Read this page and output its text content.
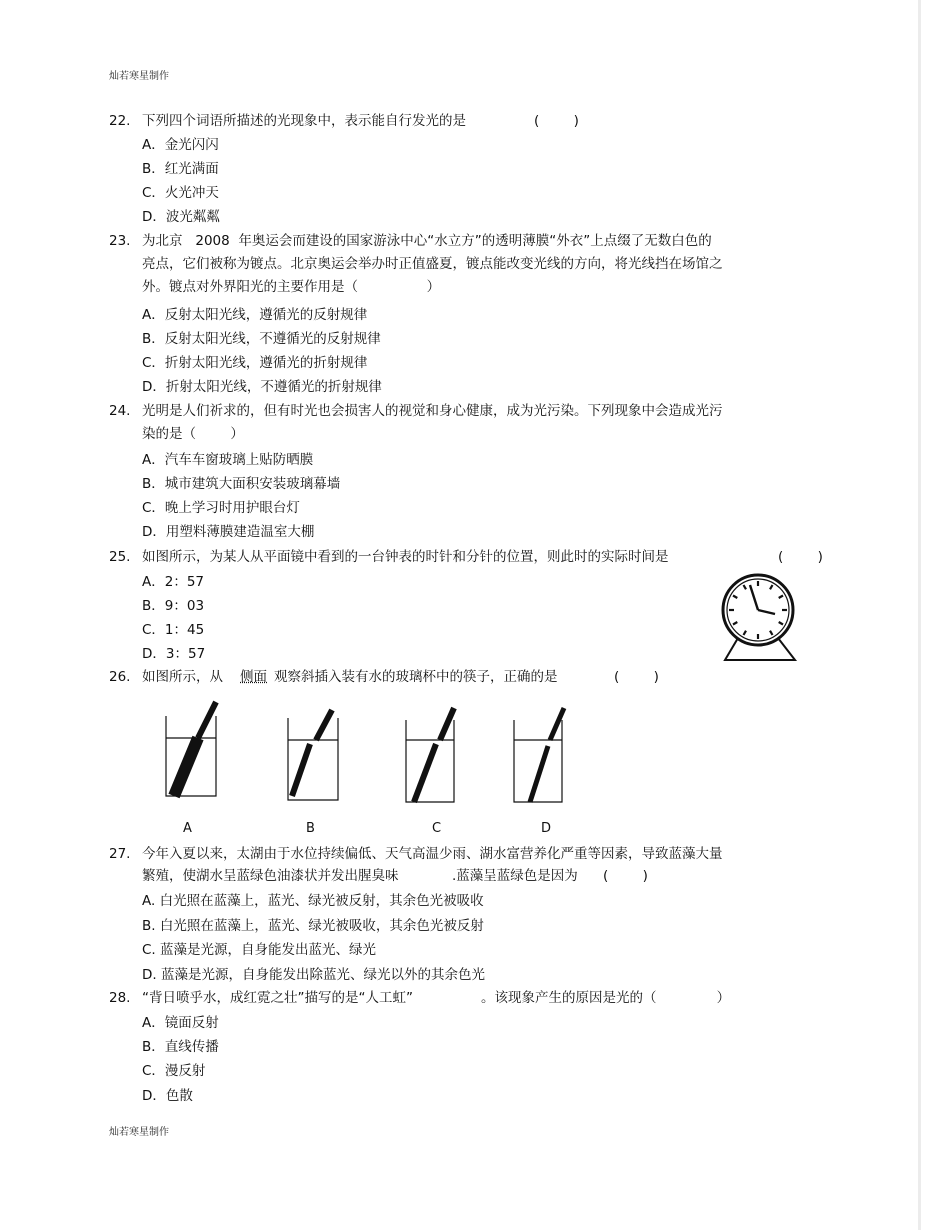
灿若寒星制作
22. 下列四个词语所描述的光现象中，表示能自行发光的是	(        )
A．金光闪闪
B．红光满面
C．火光冲天
D．波光粼粼
23. 为北京   2008  年奥运会而建设的国家游泳中心“水立方”的透明薄膜“外衣”上点缀了无数白色的
亮点，它们被称为镀点。北京奥运会举办时正值盛夏，镀点能改变光线的方向，将光线挡在场馆之
外。镀点对外界阳光的主要作用是（                ）
A．反射太阳光线，遵循光的反射规律
B．反射太阳光线，不遵循光的反射规律
C．折射太阳光线，遵循光的折射规律
D．折射太阳光线，不遵循光的折射规律
24. 光明是人们祈求的，但有时光也会损害人的视觉和身心健康，成为光污染。下列现象中会造成光污
染的是（        ）
A．汽车车窗玻璃上贴防晒膜
B．城市建筑大面积安装玻璃幕墙
C．晚上学习时用护眼台灯
D．用塑料薄膜建造温室大棚
25. 如图所示，为某人从平面镜中看到的一台钟表的时针和分针的位置，则此时的实际时间是	(        )
A．2：57
B．9：03
C．1：45
D．3：57
26. 如图所示，从 侧面 观察斜插入装有水的玻璃杯中的筷子，正确的是	(        )
A	B	C	D
27. 今年入夏以来，太湖由于水位持续偏低、天气高温少雨、湖水富营养化严重等因素，导致蓝藻大量
繁殖，使湖水呈蓝绿色油漆状并发出腥臭味	.蓝藻呈蓝绿色是因为 (        )
A. 白光照在蓝藻上，蓝光、绿光被反射，其余色光被吸收
B. 白光照在蓝藻上，蓝光、绿光被吸收，其余色光被反射
C. 蓝藻是光源，自身能发出蓝光、绿光
D. 蓝藻是光源，自身能发出除蓝光、绿光以外的其余色光
28. “背日喷乎水，成红霓之壮”描写的是“人工虹”	。该现象产生的原因是光的（              ）
A．镜面反射
B．直线传播
C．漫反射
D．色散
灿若寒星制作
